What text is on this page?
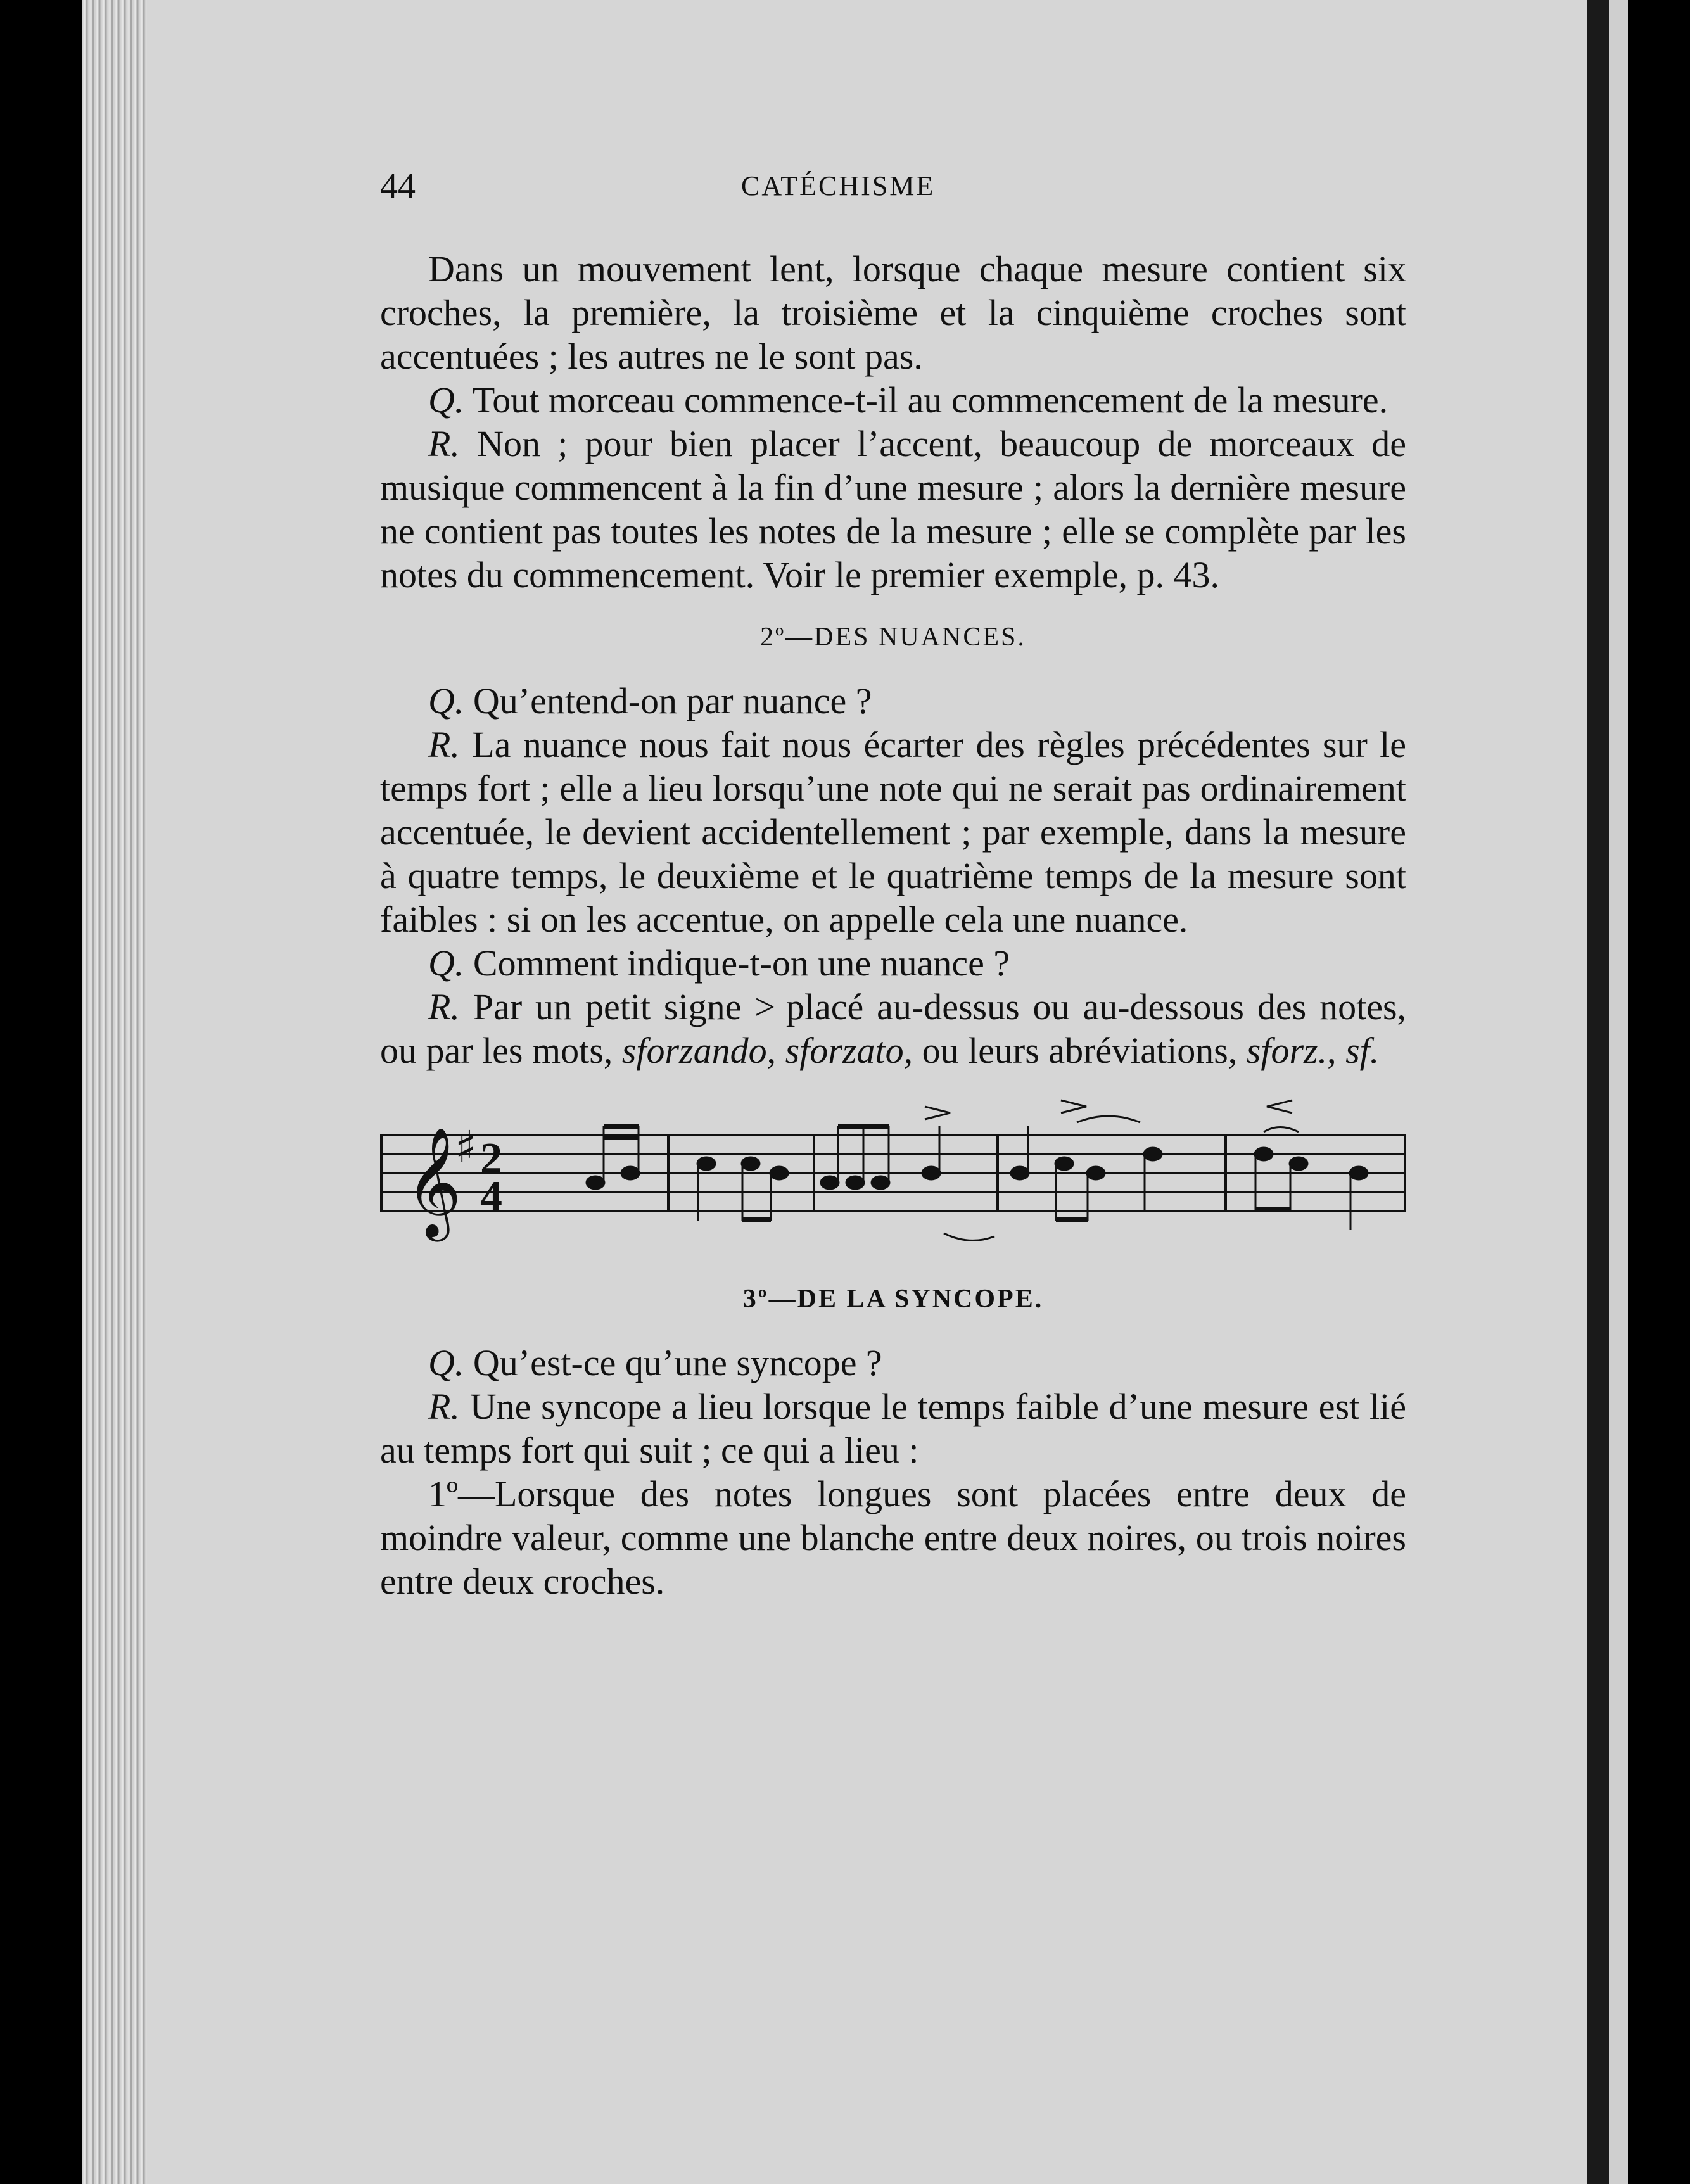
44	CATÉCHISME

Dans un mouvement lent, lorsque chaque mesure contient six croches, la première, la troisième et la cinquième croches sont accentuées ; les autres ne le sont pas.

Q. Tout morceau commence-t-il au commencement de la mesure.

R. Non ; pour bien placer l’accent, beaucoup de morceaux de musique commencent à la fin d’une mesure ; alors la dernière mesure ne contient pas toutes les notes de la mesure ; elle se complète par les notes du commencement. Voir le premier exemple, p. 43.

2º—DES NUANCES.

Q. Qu’entend-on par nuance ?

R. La nuance nous fait nous écarter des règles précédentes sur le temps fort ; elle a lieu lorsqu’une note qui ne serait pas ordinairement accentuée, le devient accidentellement ; par exemple, dans la mesure à quatre temps, le deuxième et le quatrième temps de la mesure sont faibles : si on les accentue, on appelle cela une nuance.

Q. Comment indique-t-on une nuance ?

R. Par un petit signe > placé au-dessus ou au-dessous des notes, ou par les mots, sforzando, sforzato, ou leurs abréviations, sforz., sf.

𝄞
♯ 2
4
3º—DE LA SYNCOPE.

Q. Qu’est-ce qu’une syncope ?

R. Une syncope a lieu lorsque le temps faible d’une mesure est lié au temps fort qui suit ; ce qui a lieu :

1º—Lorsque des notes longues sont placées entre deux de moindre valeur, comme une blanche entre deux noires, ou trois noires entre deux croches.
